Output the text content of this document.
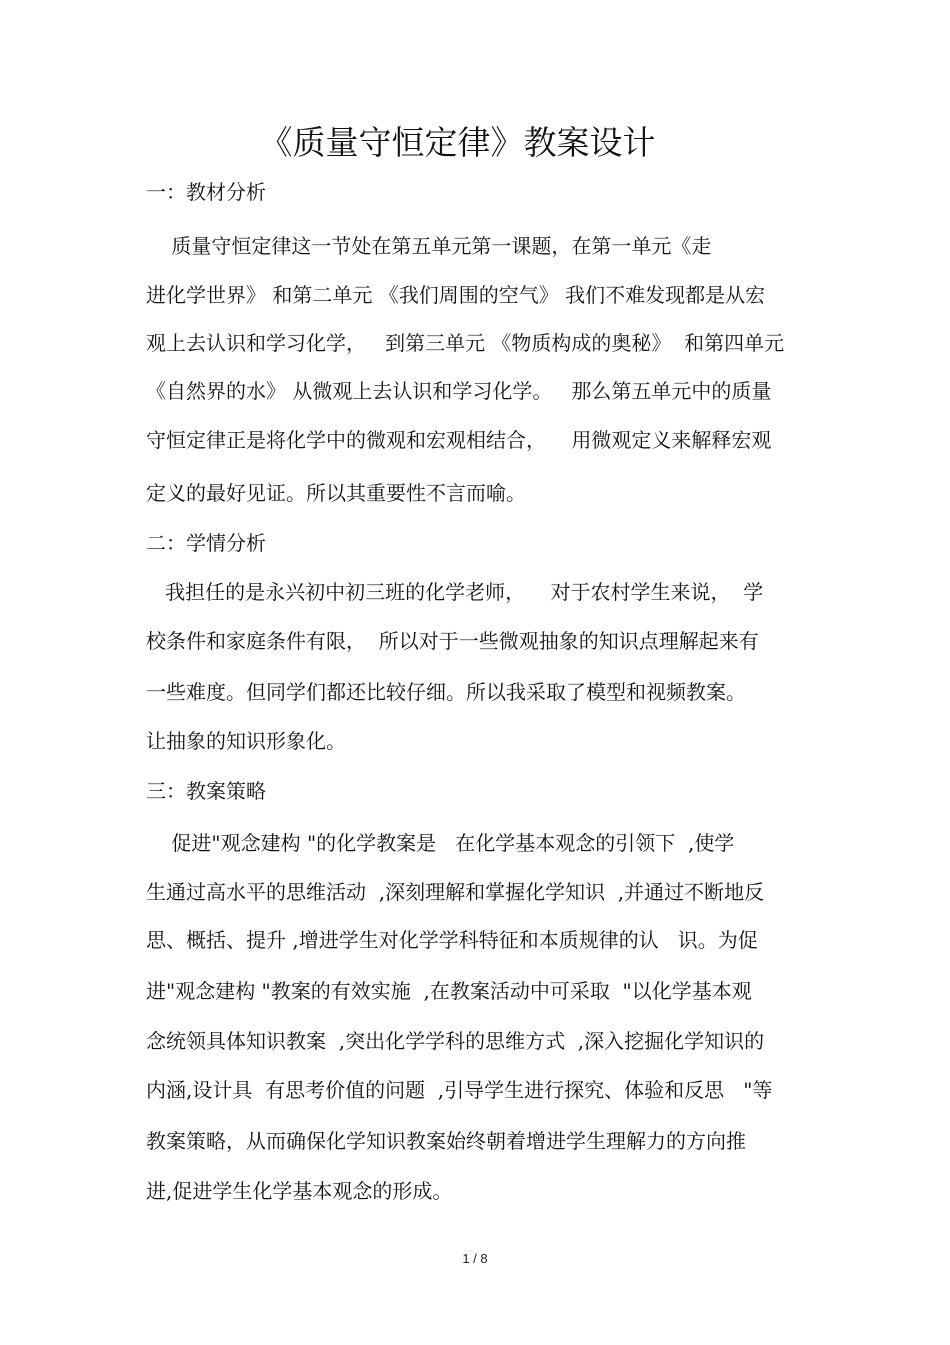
《质量守恒定律》教案设计
一：教材分析
质量守恒定律这一节处在第五单元第一课题，在第一单元《走
进化学世界》 和第二单元 《我们周围的空气》 我们不难发现都是从宏
观上去认识和学习化学，   到第三单元 《物质构成的奥秘》  和第四单元
《自然界的水》 从微观上去认识和学习化学。   那么第五单元中的质量
守恒定律正是将化学中的微观和宏观相结合，    用微观定义来解释宏观
定义的最好见证。所以其重要性不言而喻。
二：学情分析
我担任的是永兴初中初三班的化学老师，    对于农村学生来说，  学
校条件和家庭条件有限，  所以对于一些微观抽象的知识点理解起来有
一些难度。但同学们都还比较仔细。所以我采取了模型和视频教案。
让抽象的知识形象化。
三：教案策略
促进"观念建构 "的化学教案是   在化学基本观念的引领下  ,使学
生通过高水平的思维活动  ,深刻理解和掌握化学知识  ,并通过不断地反
思、概括、提升 ,增进学生对化学学科特征和本质规律的认   识。为促
进"观念建构 "教案的有效实施  ,在教案活动中可采取  "以化学基本观
念统领具体知识教案  ,突出化学学科的思维方式  ,深入挖掘化学知识的
内涵,设计具  有思考价值的问题  ,引导学生进行探究、体验和反思   "等
教案策略，从而确保化学知识教案始终朝着增进学生理解力的方向推
进,促进学生化学基本观念的形成。
1 / 8
